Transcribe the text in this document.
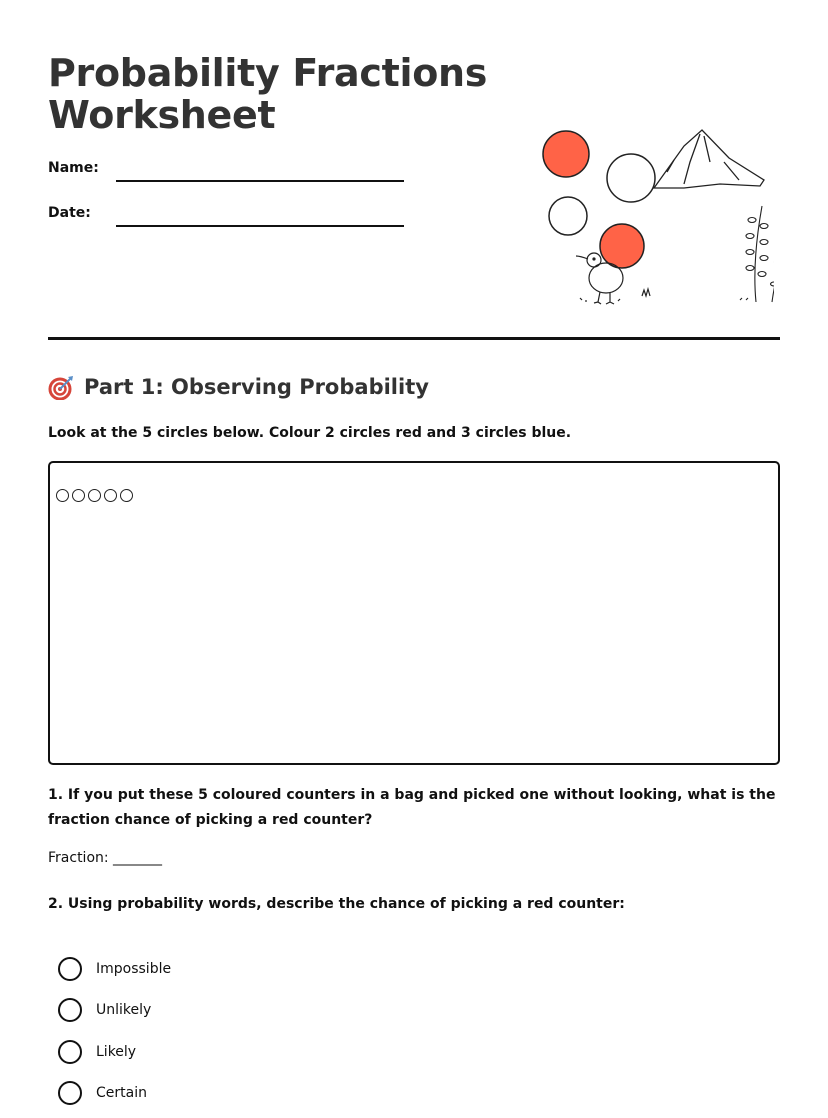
Probability Fractions Worksheet
Name:
Date:
Part 1: Observing Probability
Look at the 5 circles below. Colour 2 circles red and 3 circles blue.
1. If you put these 5 coloured counters in a bag and picked one without looking, what is the fraction chance of picking a red counter?
Fraction: _______
2. Using probability words, describe the chance of picking a red counter:
Impossible
Unlikely
Likely
Certain
